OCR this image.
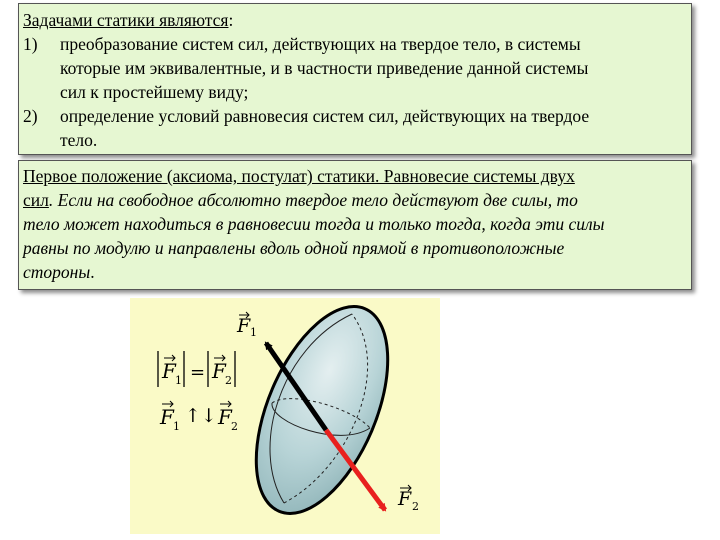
Задачами статики являются:
1) преобразование систем сил, действующих на твердое тело, в системы
которые им эквивалентные, и в частности приведение данной системы
сил к простейшему виду;
2) определение условий равновесия систем сил, действующих на твердое
тело.
Первое положение (аксиома, постулат) статики. Равновесие системы двух
сил. Если на свободное абсолютно твердое тело действуют две силы, то
тело может находиться в равновесии тогда и только тогда, когда эти силы
равны по модулю и направлены вдоль одной прямой в противоположные
стороны.
F 1
F 2
F 1 = F 2
F 1 ↑↓ F 2
